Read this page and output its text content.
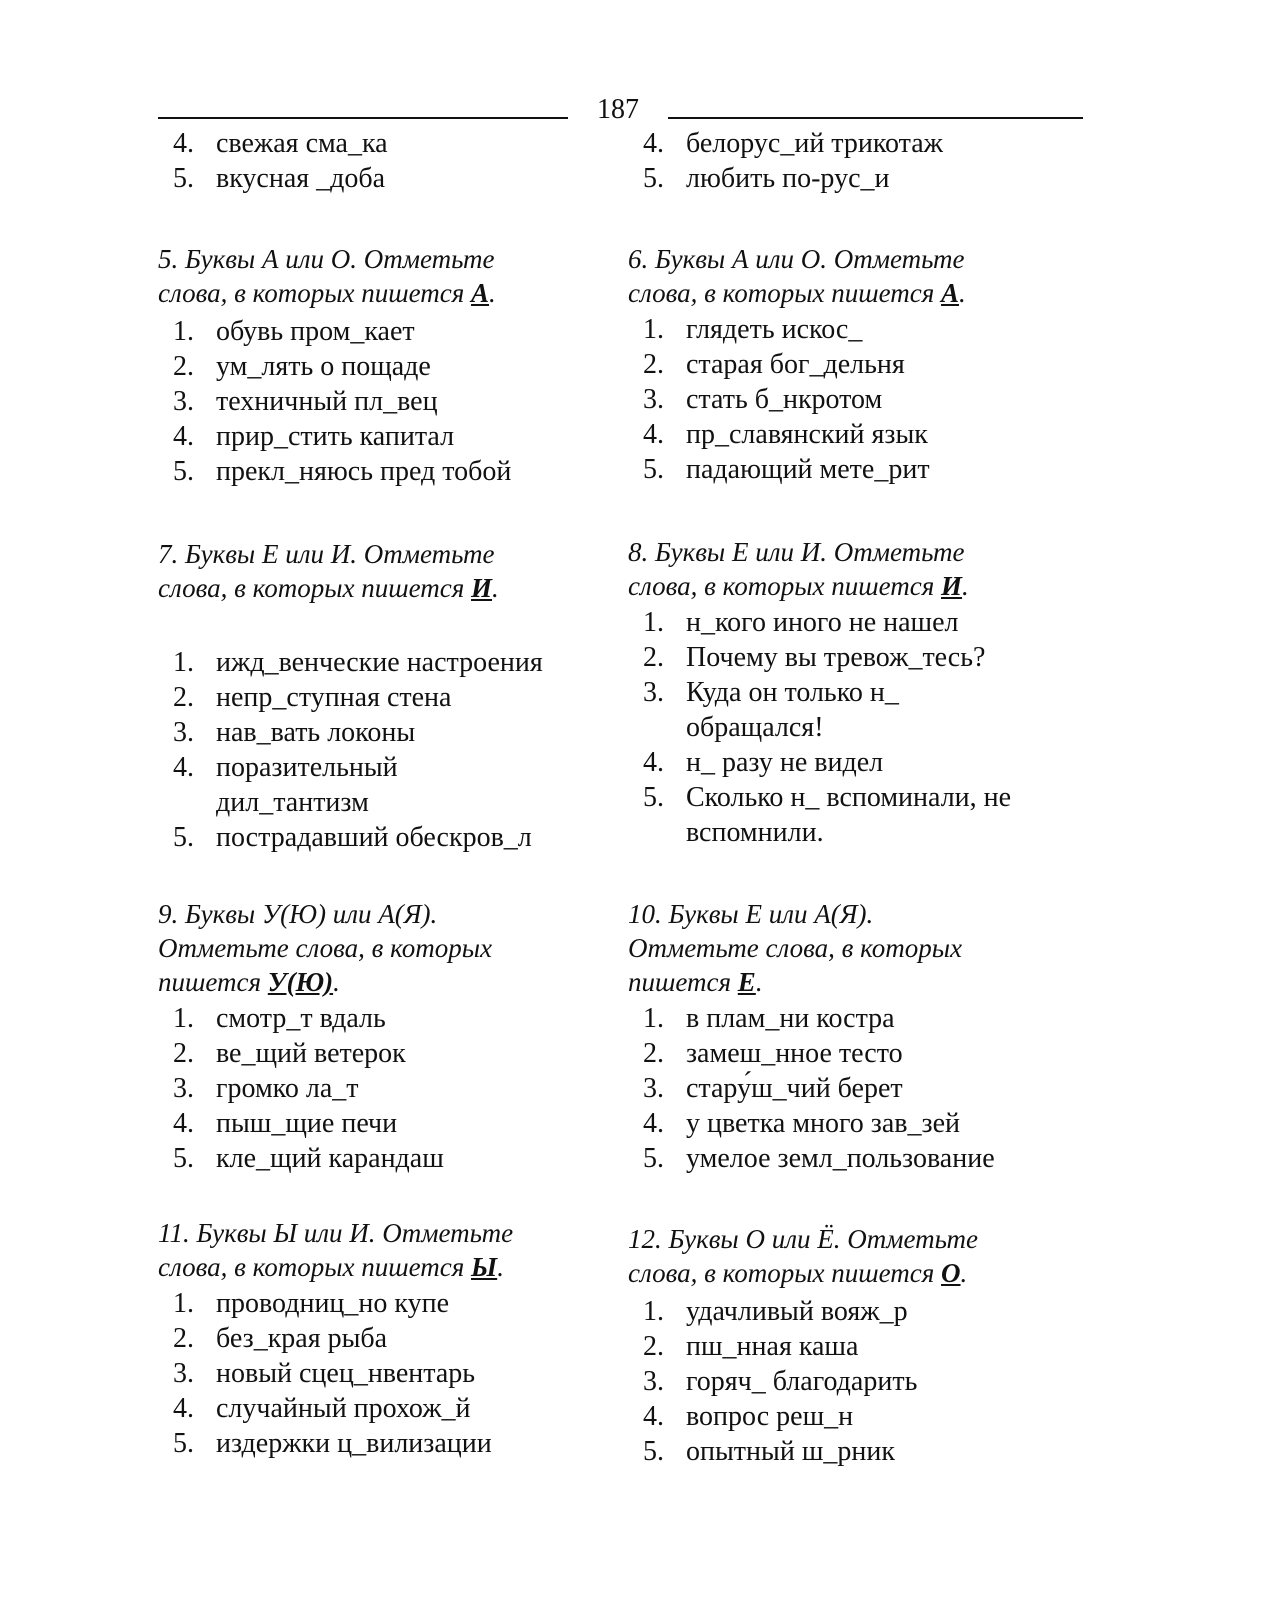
187
4. свежая сма_ка
5. вкусная _доба
4. белорус_ий трикотаж
5. любить по-рус_и
5. Буквы А или О. Отметьте
слова, в которых пишется А.
1. обувь пром_кает
2. ум_лять о пощаде
3. техничный пл_вец
4. прир_стить капитал
5. прекл_няюсь пред тобой
6. Буквы А или О. Отметьте
слова, в которых пишется А.
1. глядеть искос_
2. старая бог_дельня
3. стать б_нкротом
4. пр_славянский язык
5. падающий мете_рит
7. Буквы Е или И. Отметьте
слова, в которых пишется И.
1. ижд_венческие настроения
2. непр_ступная стена
3. нав_вать локоны
4. поразительный дил_тантизм
5. пострадавший обескров_л
8. Буквы Е или И. Отметьте
слова, в которых пишется И.
1. н_кого иного не нашел
2. Почему вы тревож_тесь?
3. Куда он только н_ обращался!
4. н_ разу не видел
5. Сколько н_ вспоминали, не вспомнили.
9. Буквы У(Ю) или А(Я).
Отметьте слова, в которых
пишется У(Ю).
1. смотр_т вдаль
2. ве_щий ветерок
3. громко ла_т
4. пыш_щие печи
5. кле_щий карандаш
10. Буквы Е или А(Я).
Отметьте слова, в которых
пишется Е.
1. в плам_ни костра
2. замеш_нное тесто
3. стару́ш_чий берет
4. у цветка много зав_зей
5. умелое земл_пользование
11. Буквы Ы или И. Отметьте
слова, в которых пишется Ы.
1. проводниц_но купе
2. без_края рыба
3. новый сцец_нвентарь
4. случайный прохож_й
5. издержки ц_вилизации
12. Буквы О или Ё. Отметьте
слова, в которых пишется О.
1. удачливый вояж_р
2. пш_нная каша
3. горяч_ благодарить
4. вопрос реш_н
5. опытный ш_рник
